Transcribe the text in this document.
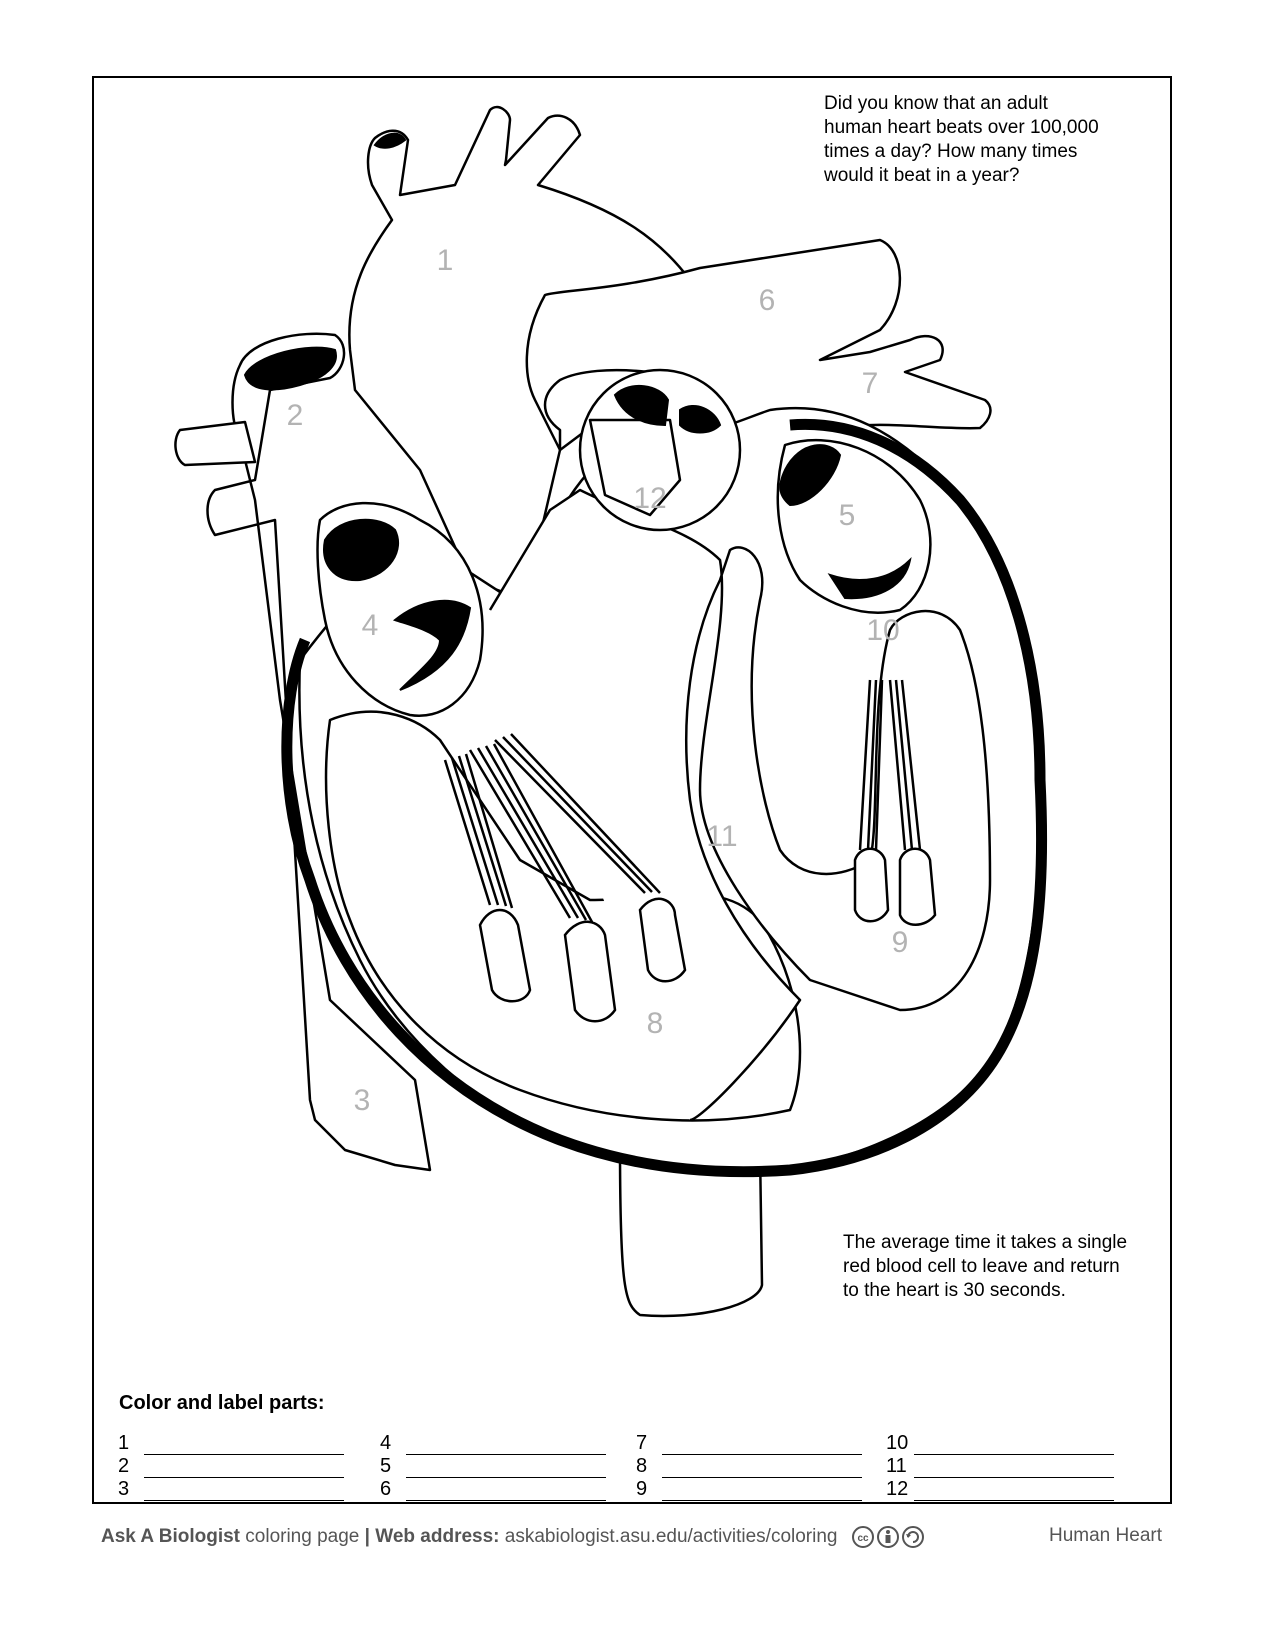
Did you know that an adult
human heart beats over 100,000
times a day? How many times
would it beat in a year?
The average time it takes a single
red blood cell to leave and return
to the heart is 30 seconds.
1
2
3
4
5
6
7
8
9
10
11
12
Color and label parts:
1
2
3
4
5
6
7
8
9
10
11
12
Ask A Biologist coloring page | Web address: askabiologist.asu.edu/activities/coloring cc	Human Heart
